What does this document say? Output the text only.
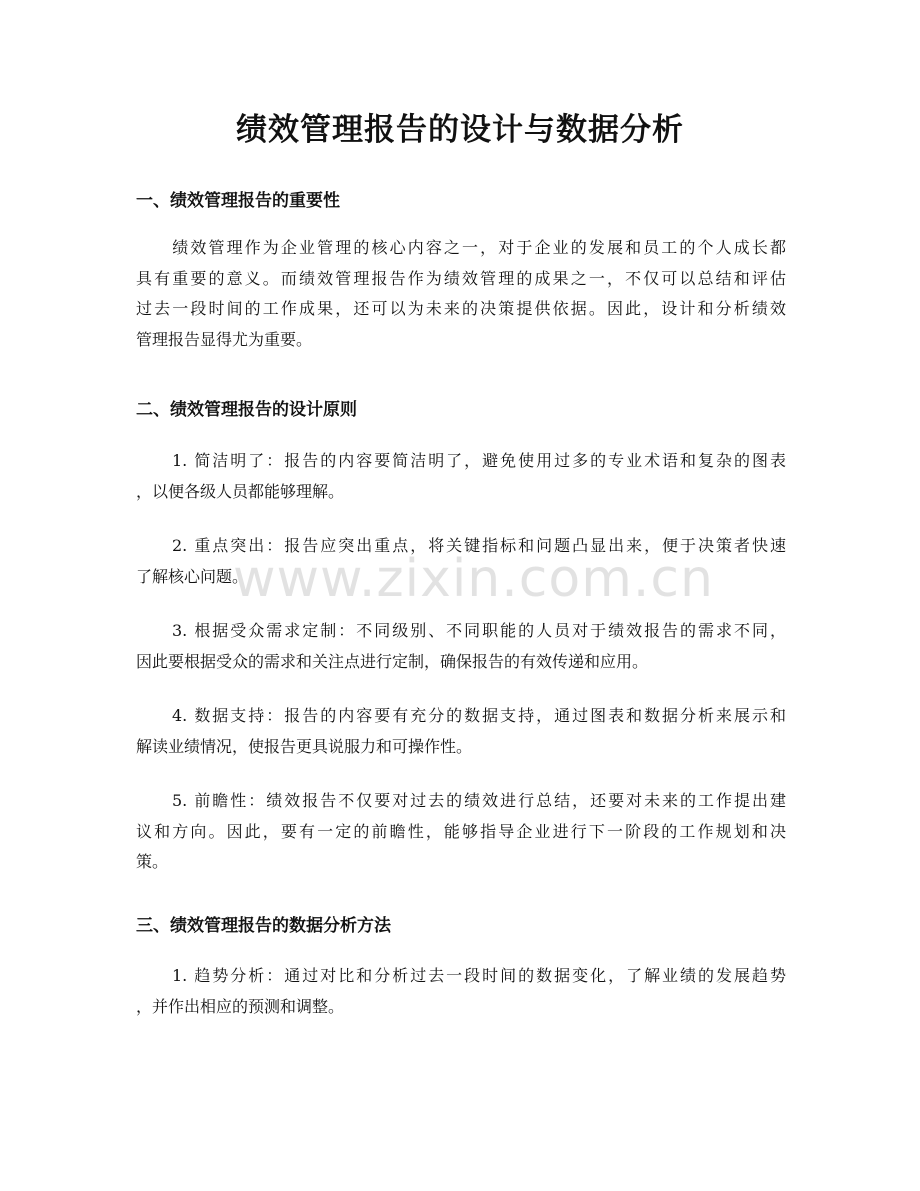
绩效管理报告的设计与数据分析
一、绩效管理报告的重要性

　　绩效管理作为企业管理的核心内容之一，对于企业的发展和员工的个人成长都
具有重要的意义。而绩效管理报告作为绩效管理的成果之一，不仅可以总结和评估
过去一段时间的工作成果，还可以为未来的决策提供依据。因此，设计和分析绩效
管理报告显得尤为重要。

二、绩效管理报告的设计原则

　　1. 简洁明了：报告的内容要简洁明了，避免使用过多的专业术语和复杂的图表
，以便各级人员都能够理解。

　　2. 重点突出：报告应突出重点，将关键指标和问题凸显出来，便于决策者快速
了解核心问题。

　　3. 根据受众需求定制：不同级别、不同职能的人员对于绩效报告的需求不同，
因此要根据受众的需求和关注点进行定制，确保报告的有效传递和应用。

　　4. 数据支持：报告的内容要有充分的数据支持，通过图表和数据分析来展示和
解读业绩情况，使报告更具说服力和可操作性。

　　5. 前瞻性：绩效报告不仅要对过去的绩效进行总结，还要对未来的工作提出建
议和方向。因此，要有一定的前瞻性，能够指导企业进行下一阶段的工作规划和决
策。

三、绩效管理报告的数据分析方法

　　1. 趋势分析：通过对比和分析过去一段时间的数据变化，了解业绩的发展趋势
，并作出相应的预测和调整。

www.zixin.com.cn
